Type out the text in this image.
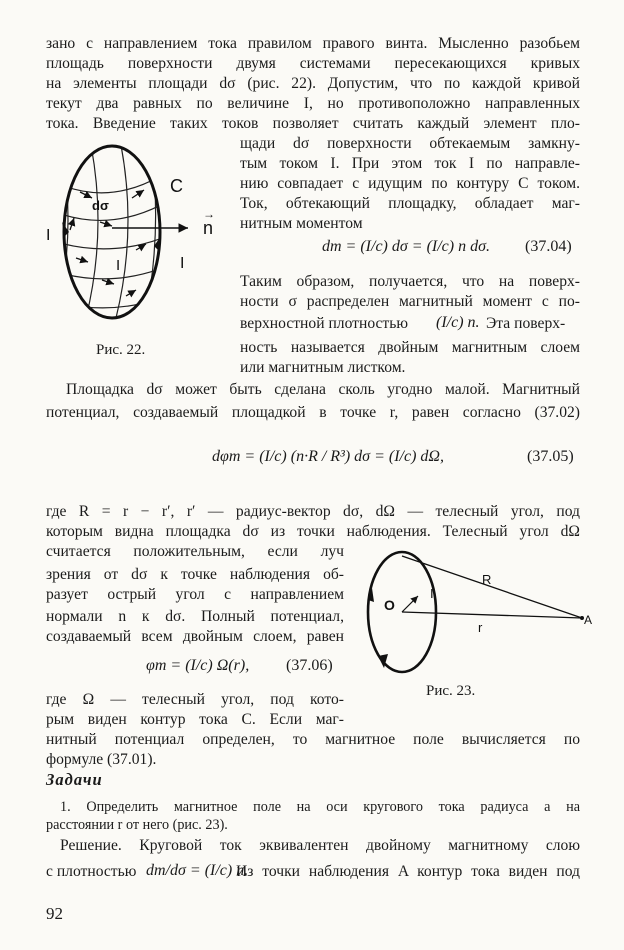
зано с направлением тока правилом правого винта. Мысленно разобьем
площадь поверхности двумя системами пересекающихся кривых
на элементы площади dσ (рис. 22). Допустим, что по каждой кривой
текут два равных по величине I, но противоположно направленных
тока. Введение таких токов позволяет считать каждый элемент пло-
щади dσ поверхности обтекаемым замкну-
тым током I. При этом ток I по направле-
нию совпадает с идущим по контуру C током.
Ток, обтекающий площадку, обладает маг-
нитным моментом
dm = (I/c) dσ = (I/c) n dσ. (37.04)
Таким образом, получается, что на поверх-
ности σ распределен магнитный момент с по-
верхностной плотностью	(I/c) n. Эта поверх-
ность называется двойным магнитным слоем
или магнитным листком.
n
→
C
I
I
I
dσ
Рис. 22.
Площадка dσ может быть сделана сколь угодно малой. Магнитный
потенциал, создаваемый площадкой в точке r, равен согласно (37.02)
dφm = (I/c) (n·R / R³) dσ = (I/c) dΩ,	(37.05)
где R = r − r′, r′ — радиус-вектор dσ, dΩ — телесный угол, под
которым видна площадка dσ из точки наблюдения. Телесный угол dΩ
считается положительным, если луч
зрения от dσ к точке наблюдения об-
разует острый угол с направлением
нормали n к dσ. Полный потенциал,
создаваемый всем двойным слоем, равен
φm = (I/c) Ω(r), (37.06)
где Ω — телесный угол, под кото-
рым виден контур тока C. Если маг-
O
I
R
r	A
Рис. 23.
нитный потенциал определен, то магнитное поле вычисляется по
формуле (37.01).
Задачи
1. Определить магнитное поле на оси кругового тока радиуса a на
расстоянии r от него (рис. 23).
Решение. Круговой ток эквивалентен двойному магнитному слою
с плотностью dm/dσ = (I/c) n.
Из точки наблюдения A контур тока виден под
92
